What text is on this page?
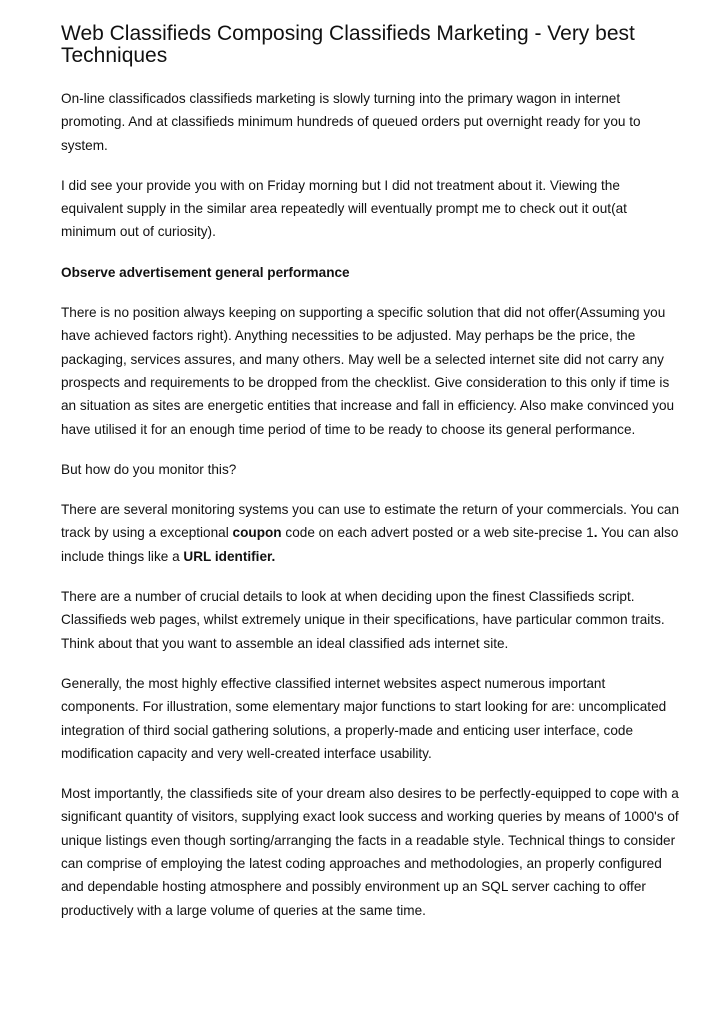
Web Classifieds Composing Classifieds Marketing - Very best Techniques

On-line classificados classifieds marketing is slowly turning into the primary wagon in internet promoting. And at classifieds minimum hundreds of queued orders put overnight ready for you to system.

I did see your provide you with on Friday morning but I did not treatment about it. Viewing the equivalent supply in the similar area repeatedly will eventually prompt me to check out it out(at minimum out of curiosity).

Observe advertisement general performance

There is no position always keeping on supporting a specific solution that did not offer(Assuming you have achieved factors right). Anything necessities to be adjusted. May perhaps be the price, the packaging, services assures, and many others. May well be a selected internet site did not carry any prospects and requirements to be dropped from the checklist. Give consideration to this only if time is an situation as sites are energetic entities that increase and fall in efficiency. Also make convinced you have utilised it for an enough time period of time to be ready to choose its general performance.

But how do you monitor this?

There are several monitoring systems you can use to estimate the return of your commercials. You can track by using a exceptional coupon code on each advert posted or a web site-precise 1. You can also include things like a URL identifier.

There are a number of crucial details to look at when deciding upon the finest Classifieds script. Classifieds web pages, whilst extremely unique in their specifications, have particular common traits. Think about that you want to assemble an ideal classified ads internet site.

Generally, the most highly effective classified internet websites aspect numerous important components. For illustration, some elementary major functions to start looking for are: uncomplicated integration of third social gathering solutions, a properly-made and enticing user interface, code modification capacity and very well-created interface usability.

Most importantly, the classifieds site of your dream also desires to be perfectly-equipped to cope with a significant quantity of visitors, supplying exact look success and working queries by means of 1000's of unique listings even though sorting/arranging the facts in a readable style. Technical things to consider can comprise of employing the latest coding approaches and methodologies, an properly configured and dependable hosting atmosphere and possibly environment up an SQL server caching to offer productively with a large volume of queries at the same time.
